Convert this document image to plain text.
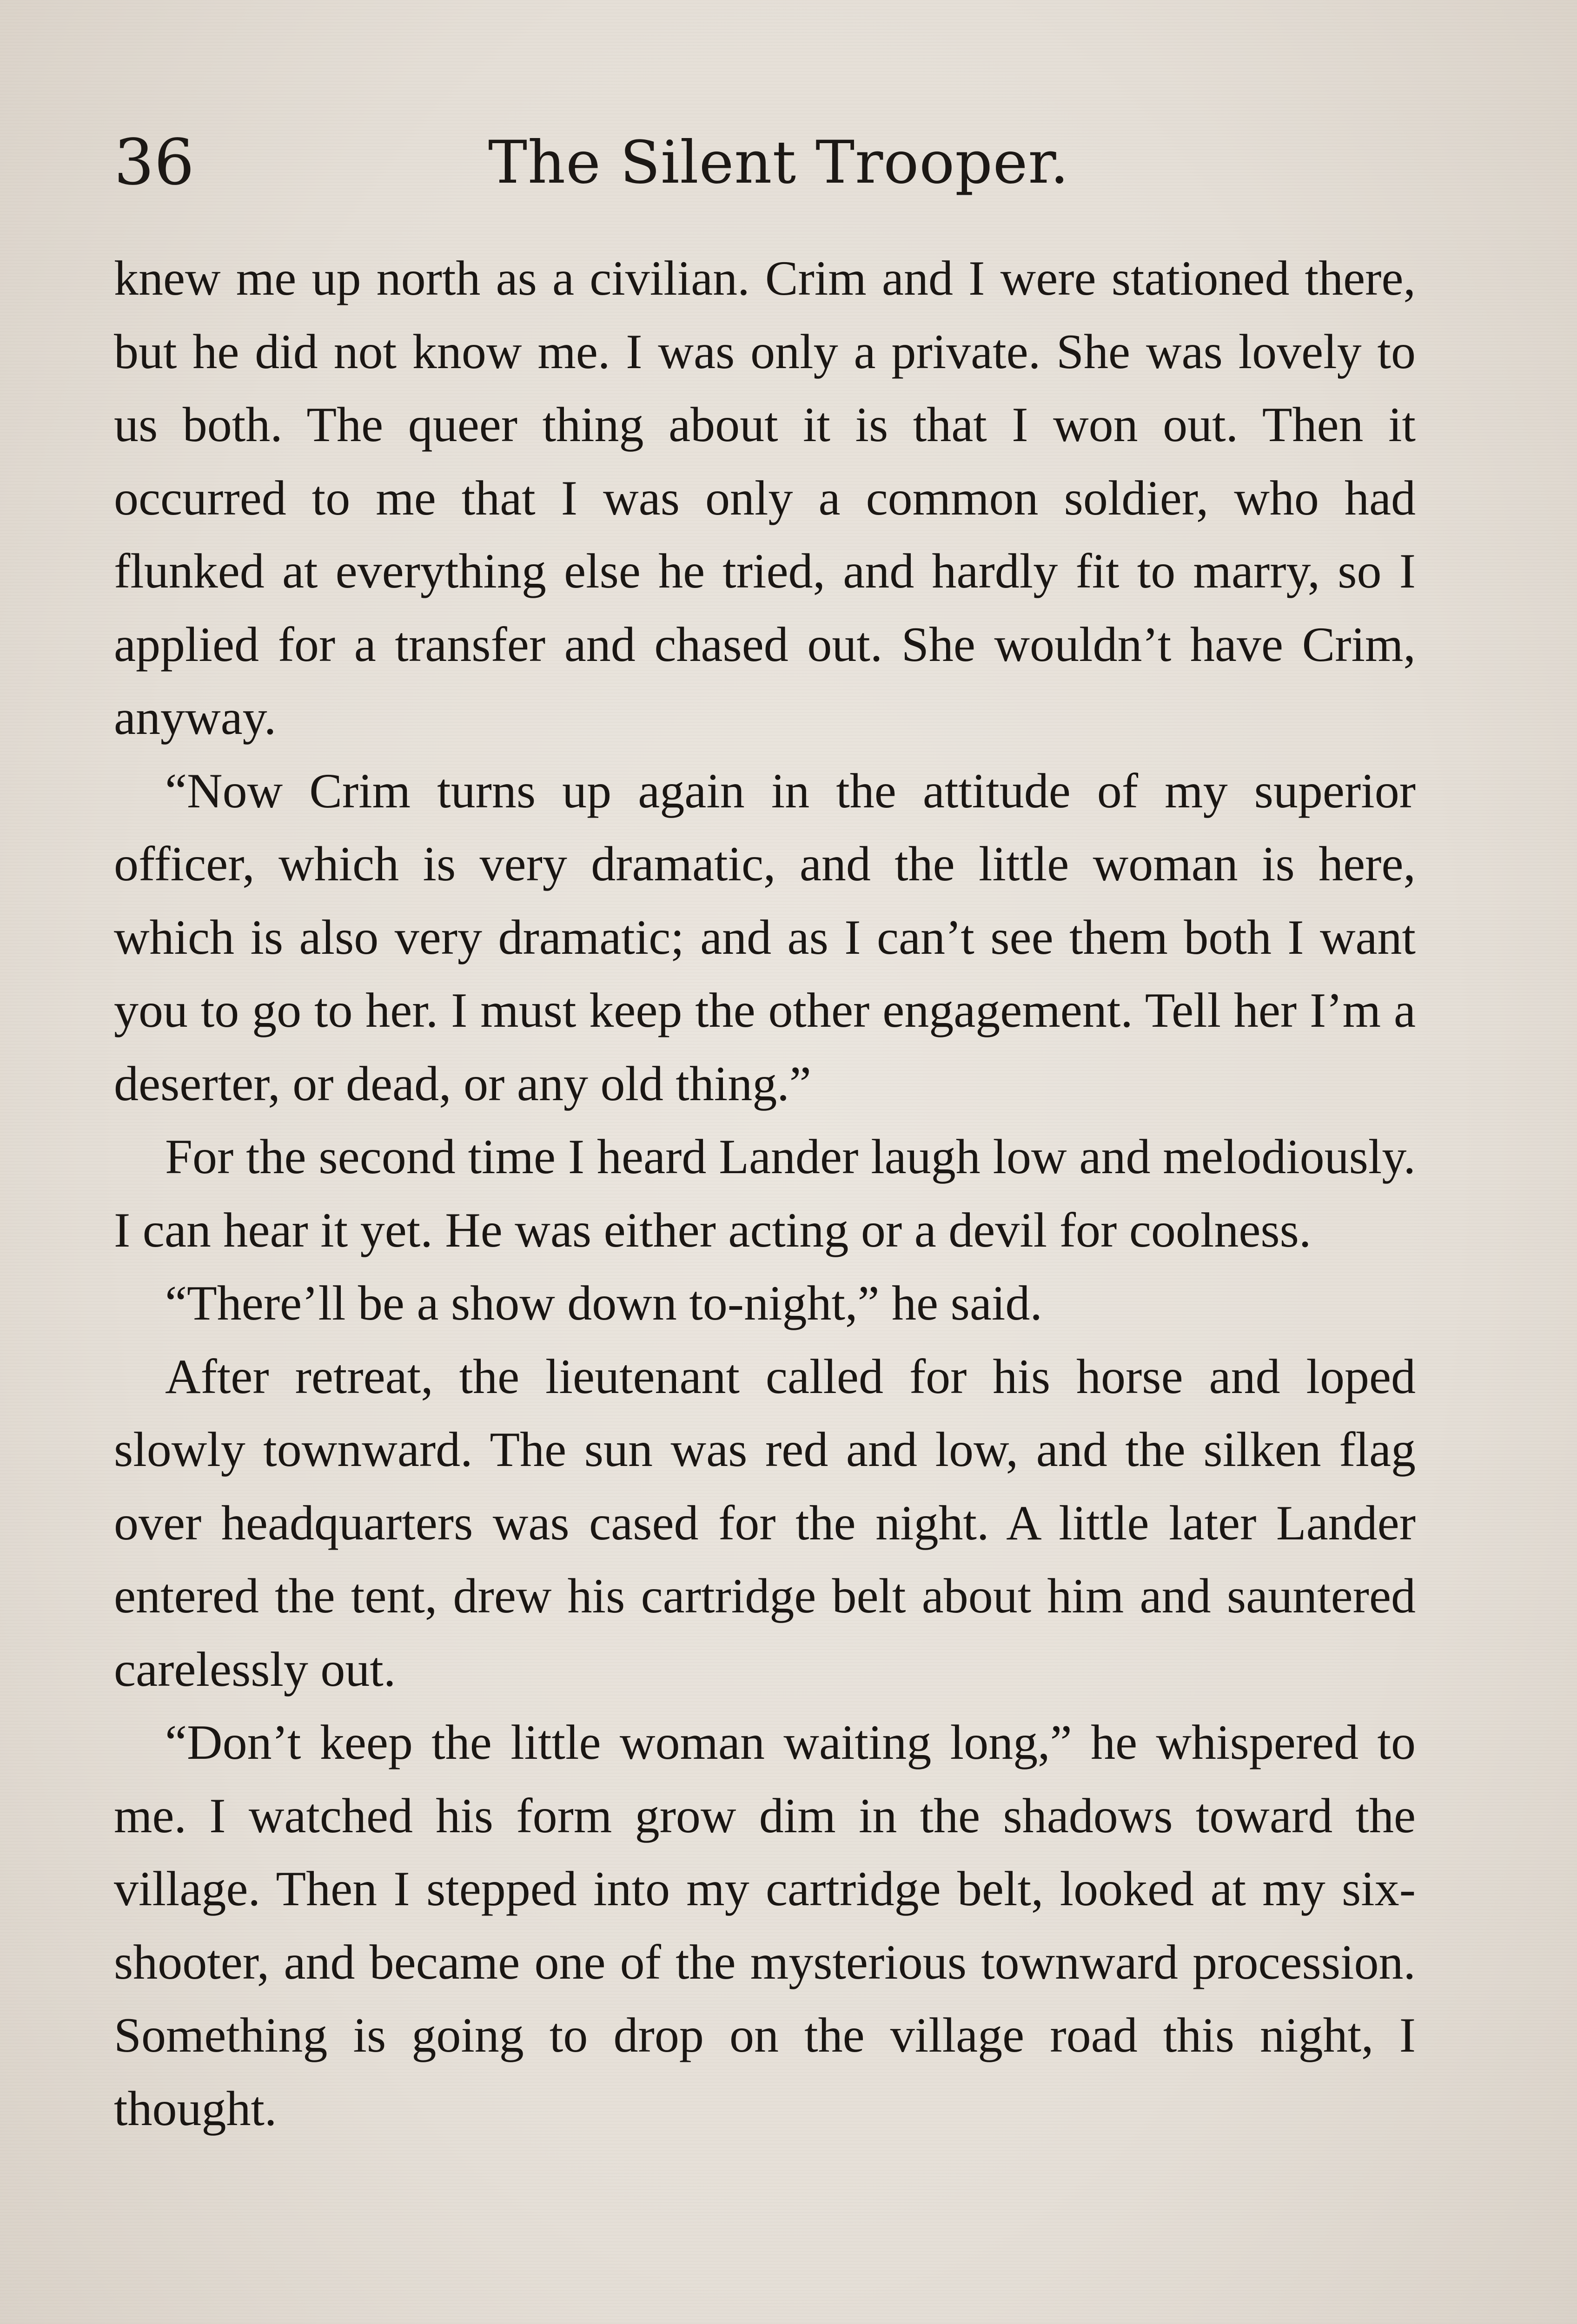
36	The Silent Trooper.

knew me up north as a civilian. Crim and I were stationed there, but he did not know me. I was only a private. She was lovely to us both. The queer thing about it is that I won out. Then it occurred to me that I was only a common soldier, who had flunked at everything else he tried, and hardly fit to marry, so I applied for a transfer and chased out. She wouldn’t have Crim, anyway.

“Now Crim turns up again in the attitude of my superior officer, which is very dramatic, and the little woman is here, which is also very dramatic; and as I can’t see them both I want you to go to her. I must keep the other engagement. Tell her I’m a deserter, or dead, or any old thing.”

For the second time I heard Lander laugh low and melodiously. I can hear it yet. He was either acting or a devil for coolness.

“There’ll be a show down to-night,” he said.

After retreat, the lieutenant called for his horse and loped slowly townward. The sun was red and low, and the silken flag over headquarters was cased for the night. A little later Lander entered the tent, drew his cartridge belt about him and sauntered carelessly out.

“Don’t keep the little woman waiting long,” he whispered to me. I watched his form grow dim in the shadows toward the village. Then I stepped into my cartridge belt, looked at my six-shooter, and became one of the mysterious townward procession. Something is going to drop on the village road this night, I thought.
